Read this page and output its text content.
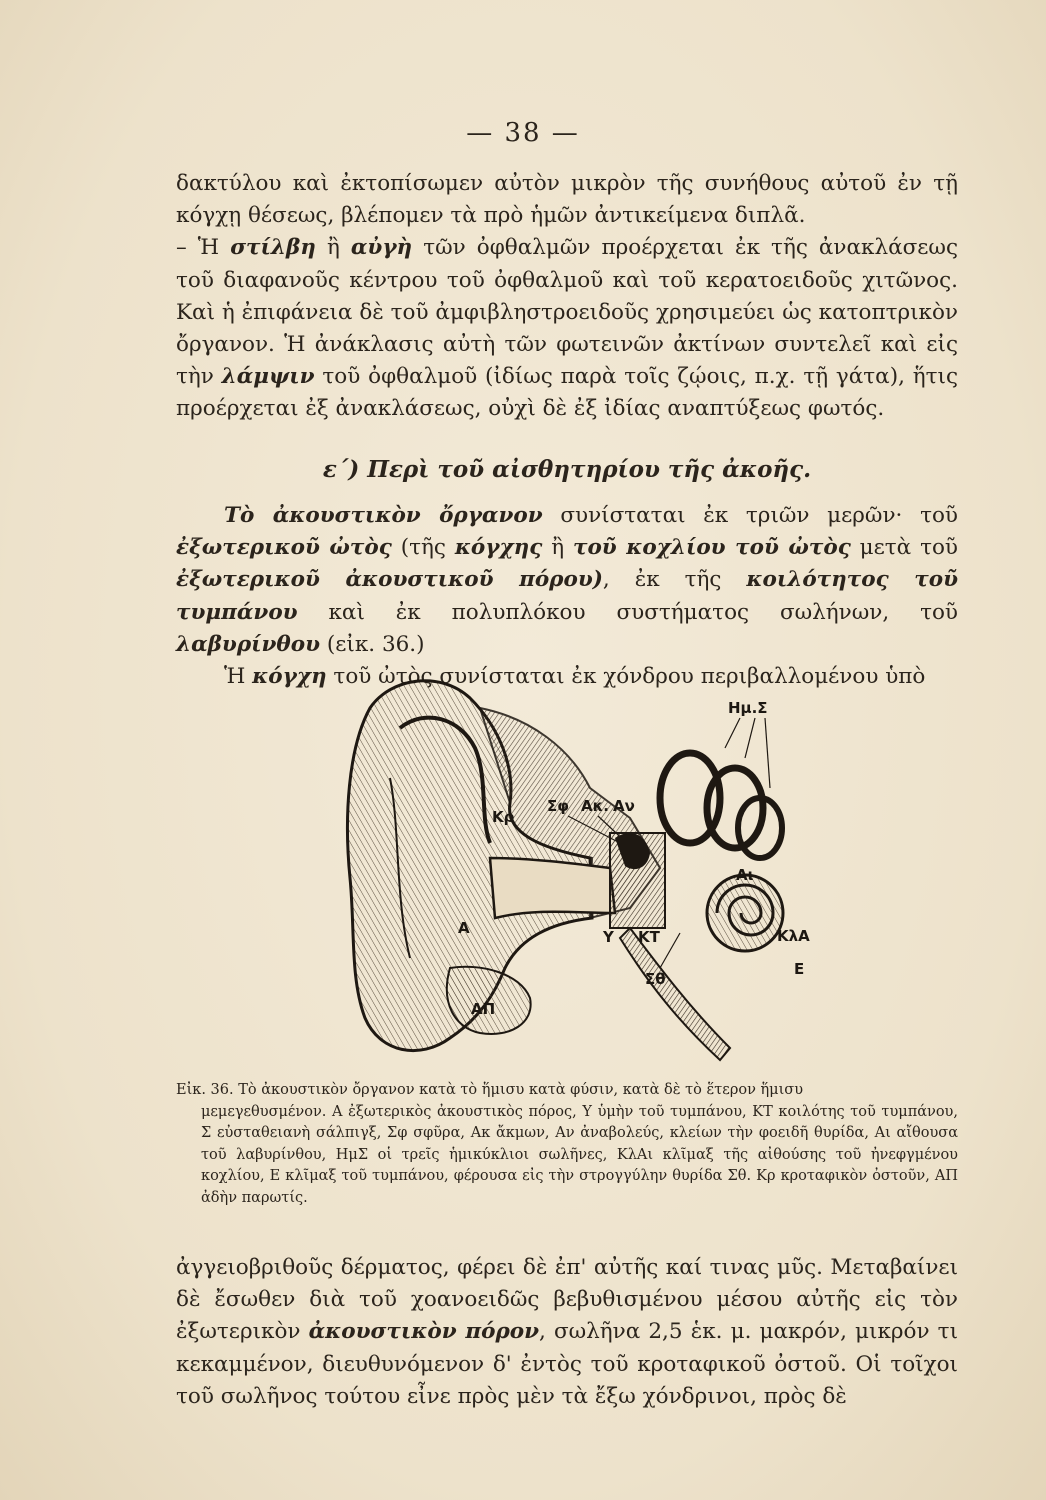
— 38 —

δακτύλου καὶ ἐκτοπίσωμεν αὐτὸν μικρὸν τῆς συνήθους αὐτοῦ ἐν τῇ κόγχῃ θέσεως, βλέπομεν τὰ πρὸ ἡμῶν ἀντικείμενα διπλᾶ.

– Ἡ στίλβη ἢ αὐγὴ τῶν ὀφθαλμῶν προέρχεται ἐκ τῆς ἀνακλάσεως τοῦ διαφανοῦς κέντρου τοῦ ὀφθαλμοῦ καὶ τοῦ κερατοειδοῦς χιτῶνος. Καὶ ἡ ἐπιφάνεια δὲ τοῦ ἀμφιβληστροειδοῦς χρησιμεύει ὡς κατοπτρικὸν ὄργανον. Ἡ ἀνάκλασις αὐτὴ τῶν φωτεινῶν ἀκτίνων συντελεῖ καὶ εἰς τὴν λάμψιν τοῦ ὀφθαλμοῦ (ἰδίως παρὰ τοῖς ζῴοις, π.χ. τῇ γάτα), ἥτις προέρχεται ἐξ ἀνακλάσεως, οὐχὶ δὲ ἐξ ἰδίας αναπτύξεως φωτός.

ε΄) Περὶ τοῦ αἰσθητηρίου τῆς ἀκοῆς.

Τὸ ἀκουστικὸν ὄργανον συνίσταται ἐκ τριῶν μερῶν· τοῦ ἐξωτερικοῦ ὠτὸς (τῆς κόγχης ἢ τοῦ κοχλίου τοῦ ὠτὸς μετὰ τοῦ ἐξωτερικοῦ ἀκουστικοῦ πόρου), ἐκ τῆς κοιλότητος τοῦ τυμπάνου καὶ ἐκ πολυπλόκου συστήματος σωλήνων, τοῦ λαβυρίνθου (εἰκ. 36.)

Ἡ κόγχη τοῦ ὠτὸς συνίσταται ἐκ χόνδρου περιβαλλομένου ὑπὸ

Ημ.Σ
Σφ Ακ. Αν
Κρ
Αι
A	Υ ΚΤ	ΚλΑ
Ε
Σθ
ΑΠ
Εἰκ. 36. Τὸ ἀκουστικὸν ὄργανον κατὰ τὸ ἥμισυ κατὰ φύσιν, κατὰ δὲ τὸ ἕτερον ἥμισυ
μεμεγεθυσμένον. Α ἐξωτερικὸς ἀκουστικὸς πόρος, Υ ὑμὴν τοῦ τυμπάνου, ΚΤ κοιλότης τοῦ τυμπάνου, Σ εὐσταθειανὴ σάλπιγξ, Σφ σφῦρα, Ακ ἄκμων, Αν ἀναβολεύς, κλείων τὴν φοειδῆ θυρίδα, Αι αἴθουσα τοῦ λαβυρίνθου, ΗμΣ οἱ τρεῖς ἡμικύκλιοι σωλῆνες, ΚλΑι κλῖμαξ τῆς αἰθούσης τοῦ ἠνεφγμένου κοχλίου, Ε κλῖμαξ τοῦ τυμπάνου, φέρουσα εἰς τὴν στρογγύλην θυρίδα Σθ. Κρ κροταφικὸν ὀστοῦν, ΑΠ ἀδὴν παρωτίς.

ἀγγειοβριθοῦς δέρματος, φέρει δὲ ἐπ' αὐτῆς καί τινας μῦς. Μεταβαίνει δὲ ἔσωθεν διὰ τοῦ χοανοειδῶς βεβυθισμένου μέσου αὐτῆς εἰς τὸν ἐξωτερικὸν ἀκουστικὸν πόρον, σωλῆνα 2,5 ἑκ. μ. μακρόν, μικρόν τι κεκαμμένον, διευθυνόμενον δ' ἐντὸς τοῦ κροταφικοῦ ὀστοῦ. Οἱ τοῖχοι τοῦ σωλῆνος τούτου εἶνε πρὸς μὲν τὰ ἔξω χόνδρινοι, πρὸς δὲ
